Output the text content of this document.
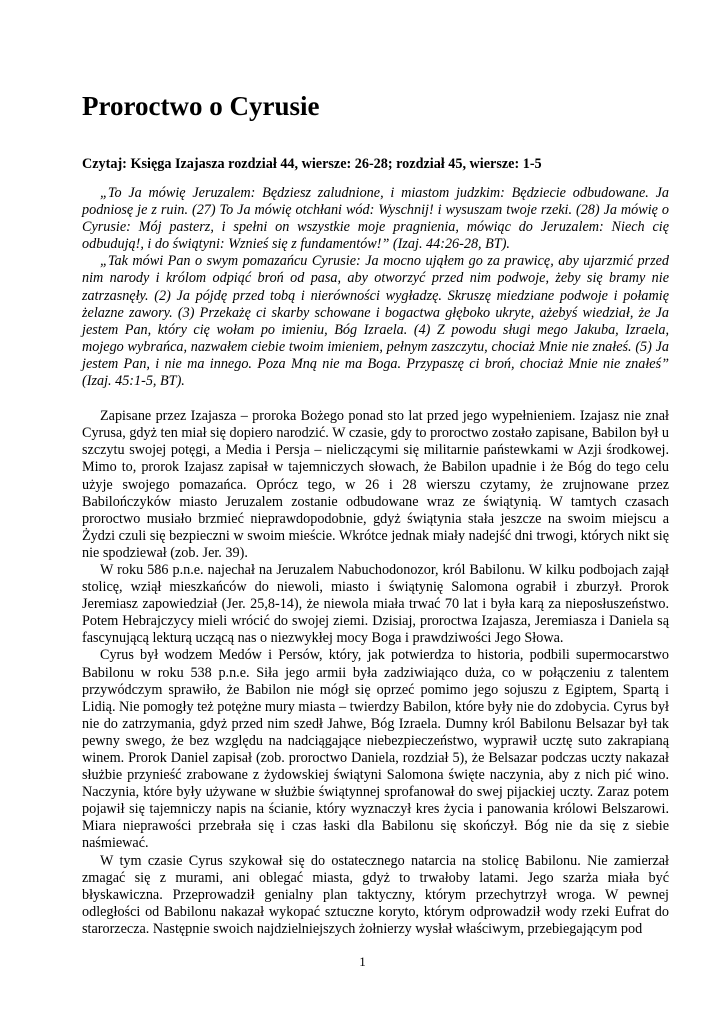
Proroctwo o Cyrusie
Czytaj: Księga Izajasza rozdział 44, wiersze: 26-28; rozdział 45, wiersze: 1-5

„To Ja mówię Jeruzalem: Będziesz zaludnione, i miastom judzkim: Będziecie odbudowane. Ja podniosę je z ruin. (27) To Ja mówię otchłani wód: Wyschnij! i wysuszam twoje rzeki. (28) Ja mówię o Cyrusie: Mój pasterz, i spełni on wszystkie moje pragnienia, mówiąc do Jeruzalem: Niech cię odbudują!, i do świątyni: Wznieś się z fundamentów!” (Izaj. 44:26-28, BT).

„Tak mówi Pan o swym pomazańcu Cyrusie: Ja mocno ująłem go za prawicę, aby ujarzmić przed nim narody i królom odpiąć broń od pasa, aby otworzyć przed nim podwoje, żeby się bramy nie zatrzasnęły. (2) Ja pójdę przed tobą i nierówności wygładzę. Skruszę miedziane podwoje i połamię żelazne zawory. (3) Przekażę ci skarby schowane i bogactwa głęboko ukryte, ażebyś wiedział, że Ja jestem Pan, który cię wołam po imieniu, Bóg Izraela. (4) Z powodu sługi mego Jakuba, Izraela, mojego wybrańca, nazwałem ciebie twoim imieniem, pełnym zaszczytu, chociaż Mnie nie znałeś. (5) Ja jestem Pan, i nie ma innego. Poza Mną nie ma Boga. Przypaszę ci broń, chociaż Mnie nie znałeś” (Izaj. 45:1-5, BT).

Zapisane przez Izajasza – proroka Bożego ponad sto lat przed jego wypełnieniem. Izajasz nie znał Cyrusa, gdyż ten miał się dopiero narodzić. W czasie, gdy to proroctwo zostało zapisane, Babilon był u szczytu swojej potęgi, a Media i Persja – nieliczącymi się militarnie państewkami w Azji środkowej. Mimo to, prorok Izajasz zapisał w tajemniczych słowach, że Babilon upadnie i że Bóg do tego celu użyje swojego pomazańca. Oprócz tego, w 26 i 28 wierszu czytamy, że zrujnowane przez Babilończyków miasto Jeruzalem zostanie odbudowane wraz ze świątynią. W tamtych czasach proroctwo musiało brzmieć nieprawdopodobnie, gdyż świątynia stała jeszcze na swoim miejscu a Żydzi czuli się bezpieczni w swoim mieście. Wkrótce jednak miały nadejść dni trwogi, których nikt się nie spodziewał (zob. Jer. 39).

W roku 586 p.n.e. najechał na Jeruzalem Nabuchodonozor, król Babilonu. W kilku podbojach zajął stolicę, wziął mieszkańców do niewoli, miasto i świątynię Salomona ograbił i zburzył. Prorok Jeremiasz zapowiedział (Jer. 25,8-14), że niewola miała trwać 70 lat i była karą za nieposłuszeństwo. Potem Hebrajczycy mieli wrócić do swojej ziemi. Dzisiaj, proroctwa Izajasza, Jeremiasza i Daniela są fascynującą lekturą uczącą nas o niezwykłej mocy Boga i prawdziwości Jego Słowa.

Cyrus był wodzem Medów i Persów, który, jak potwierdza to historia, podbili supermocarstwo Babilonu w roku 538 p.n.e. Siła jego armii była zadziwiająco duża, co w połączeniu z talentem przywódczym sprawiło, że Babilon nie mógł się oprzeć pomimo jego sojuszu z Egiptem, Spartą i Lidią. Nie pomogły też potężne mury miasta – twierdzy Babilon, które były nie do zdobycia. Cyrus był nie do zatrzymania, gdyż przed nim szedł Jahwe, Bóg Izraela. Dumny król Babilonu Belsazar był tak pewny swego, że bez względu na nadciągające niebezpieczeństwo, wyprawił ucztę suto zakrapianą winem. Prorok Daniel zapisał (zob. proroctwo Daniela, rozdział 5), że Belsazar podczas uczty nakazał służbie przynieść zrabowane z żydowskiej świątyni Salomona święte naczynia, aby z nich pić wino. Naczynia, które były używane w służbie świątynnej sprofanował do swej pijackiej uczty. Zaraz potem pojawił się tajemniczy napis na ścianie, który wyznaczył kres życia i panowania królowi Belszarowi. Miara nieprawości przebrała się i czas łaski dla Babilonu się skończył. Bóg nie da się z siebie naśmiewać.

W tym czasie Cyrus szykował się do ostatecznego natarcia na stolicę Babilonu. Nie zamierzał zmagać się z murami, ani oblegać miasta, gdyż to trwałoby latami. Jego szarża miała być błyskawiczna. Przeprowadził genialny plan taktyczny, którym przechytrzył wroga. W pewnej odległości od Babilonu nakazał wykopać sztuczne koryto, którym odprowadził wody rzeki Eufrat do starorzecza. Następnie swoich najdzielniejszych żołnierzy wysłał właściwym, przebiegającym pod

1
